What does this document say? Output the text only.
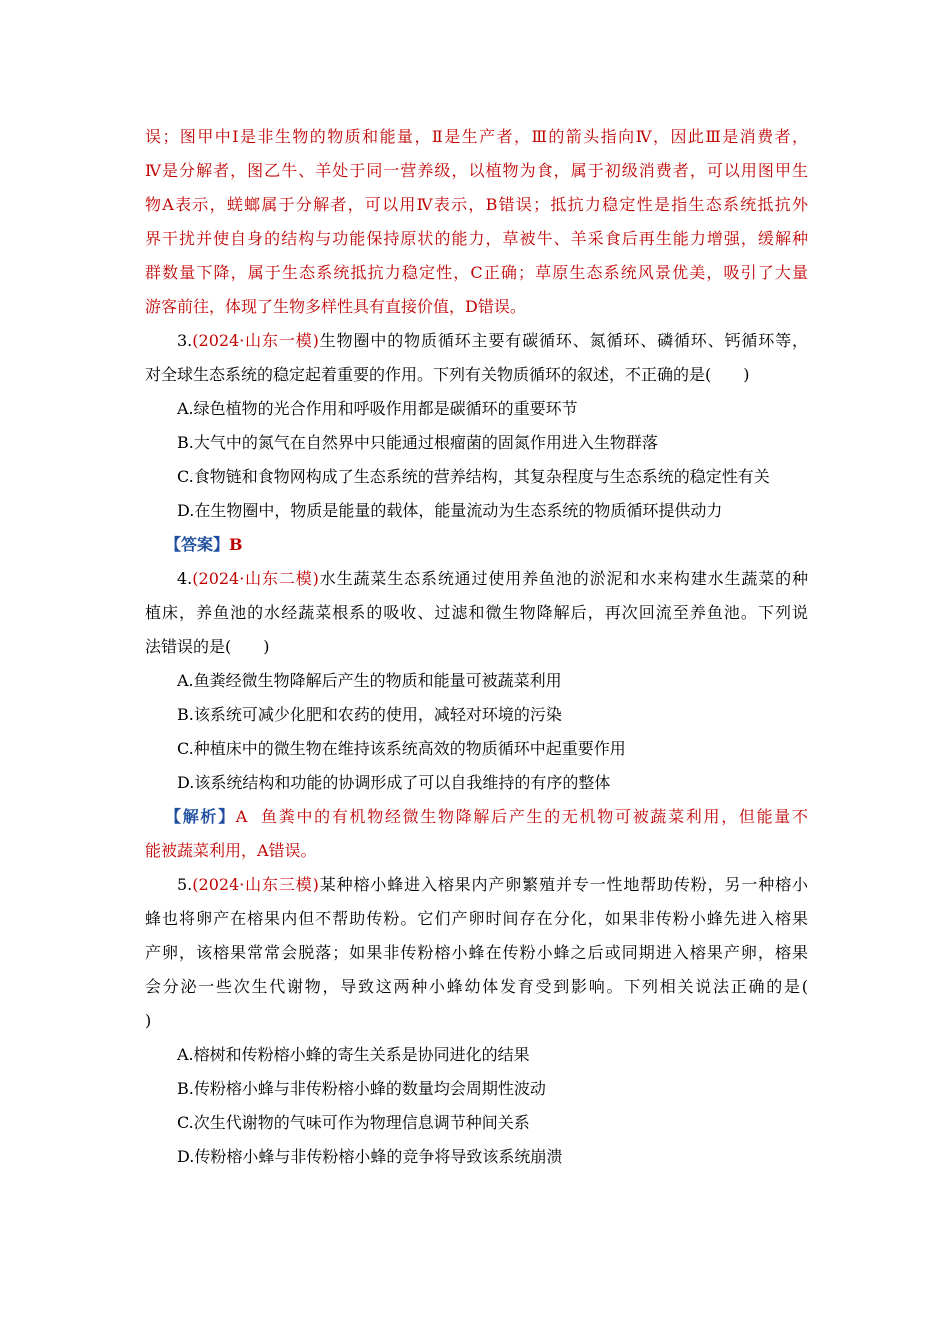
误；图甲中Ⅰ是非生物的物质和能量，Ⅱ是生产者，Ⅲ的箭头指向Ⅳ，因此Ⅲ是消费者，
Ⅳ是分解者，图乙牛、羊处于同一营养级，以植物为食，属于初级消费者，可以用图甲生
物A表示，蜣螂属于分解者，可以用Ⅳ表示，B错误；抵抗力稳定性是指生态系统抵抗外
界干扰并使自身的结构与功能保持原状的能力，草被牛、羊采食后再生能力增强，缓解种
群数量下降，属于生态系统抵抗力稳定性，C正确；草原生态系统风景优美，吸引了大量
游客前往，体现了生物多样性具有直接价值，D错误。
3.(2024·山东一模)生物圈中的物质循环主要有碳循环、氮循环、磷循环、钙循环等，
对全球生态系统的稳定起着重要的作用。下列有关物质循环的叙述，不正确的是(　　)
A.绿色植物的光合作用和呼吸作用都是碳循环的重要环节
B.大气中的氮气在自然界中只能通过根瘤菌的固氮作用进入生物群落
C.食物链和食物网构成了生态系统的营养结构，其复杂程度与生态系统的稳定性有关
D.在生物圈中，物质是能量的载体，能量流动为生态系统的物质循环提供动力
【答案】B
4.(2024·山东二模)水生蔬菜生态系统通过使用养鱼池的淤泥和水来构建水生蔬菜的种
植床，养鱼池的水经蔬菜根系的吸收、过滤和微生物降解后，再次回流至养鱼池。下列说
法错误的是(　　)
A.鱼粪经微生物降解后产生的物质和能量可被蔬菜利用
B.该系统可减少化肥和农药的使用，减轻对环境的污染
C.种植床中的微生物在维持该系统高效的物质循环中起重要作用
D.该系统结构和功能的协调形成了可以自我维持的有序的整体
【解析】A 鱼粪中的有机物经微生物降解后产生的无机物可被蔬菜利用，但能量不
能被蔬菜利用，A错误。
5.(2024·山东三模)某种榕小蜂进入榕果内产卵繁殖并专一性地帮助传粉，另一种榕小
蜂也将卵产在榕果内但不帮助传粉。它们产卵时间存在分化，如果非传粉小蜂先进入榕果
产卵，该榕果常常会脱落；如果非传粉榕小蜂在传粉小蜂之后或同期进入榕果产卵，榕果
会分泌一些次生代谢物，导致这两种小蜂幼体发育受到影响。下列相关说法正确的是(
)
A.榕树和传粉榕小蜂的寄生关系是协同进化的结果
B.传粉榕小蜂与非传粉榕小蜂的数量均会周期性波动
C.次生代谢物的气味可作为物理信息调节种间关系
D.传粉榕小蜂与非传粉榕小蜂的竞争将导致该系统崩溃
